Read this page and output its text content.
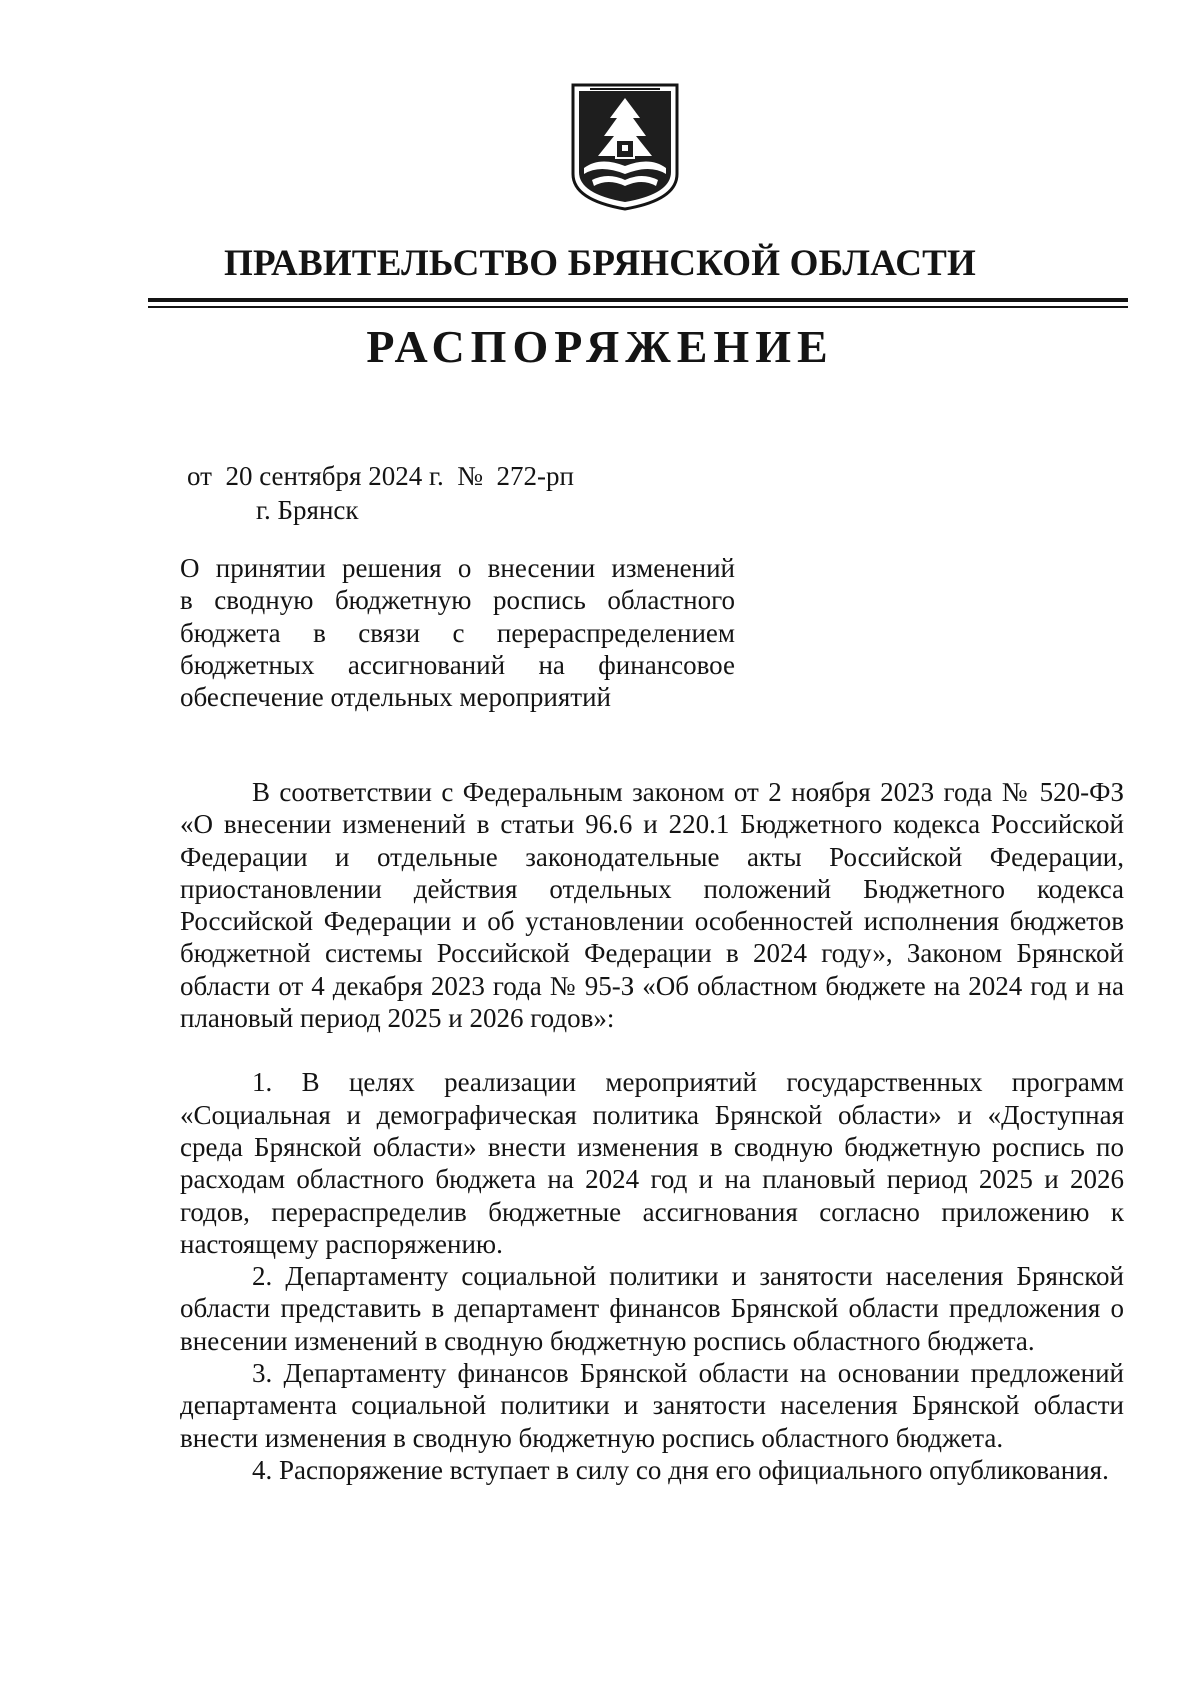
ПРАВИТЕЛЬСТВО БРЯНСКОЙ ОБЛАСТИ
РАСПОРЯЖЕНИЕ
от  20 сентября 2024 г.  №  272-рп
г. Брянск
О принятии решения о внесении изменений
в сводную бюджетную роспись областного
бюджета в связи с перераспределением
бюджетных ассигнований на финансовое
обеспечение отдельных мероприятий

В соответствии с Федеральным законом от 2 ноября 2023 года № 520-ФЗ «О внесении изменений в статьи 96.6 и 220.1 Бюджетного кодекса Российской Федерации и отдельные законодательные акты Российской Федерации, приостановлении действия отдельных положений Бюджетного кодекса Российской Федерации и об установлении особенностей исполнения бюджетов бюджетной системы Российской Федерации в 2024 году», Законом Брянской области от 4 декабря 2023 года № 95-З «Об областном бюджете на 2024 год и на плановый период 2025 и 2026 годов»:

1. В целях реализации мероприятий государственных программ «Социальная и демографическая политика Брянской области» и «Доступная среда Брянской области» внести изменения в сводную бюджетную роспись по расходам областного бюджета на 2024 год и на плановый период 2025 и 2026 годов, перераспределив бюджетные ассигнования согласно приложению к настоящему распоряжению.

2. Департаменту социальной политики и занятости населения Брянской области представить в департамент финансов Брянской области предложения о внесении изменений в сводную бюджетную роспись областного бюджета.

3. Департаменту финансов Брянской области на основании предложений департамента социальной политики и занятости населения Брянской области внести изменения в сводную бюджетную роспись областного бюджета.

4. Распоряжение вступает в силу со дня его официального опубликования.
